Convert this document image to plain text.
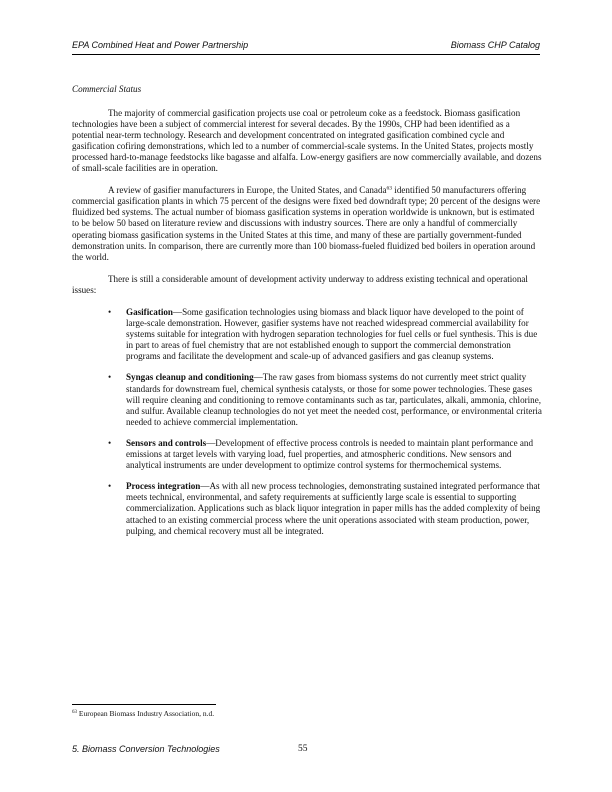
EPA Combined Heat and Power Partnership	Biomass CHP Catalog
Commercial Status

The majority of commercial gasification projects use coal or petroleum coke as a feedstock. Biomass gasification technologies have been a subject of commercial interest for several decades. By the 1990s, CHP had been identified as a potential near-term technology. Research and development concentrated on integrated gasification combined cycle and gasification cofiring demonstrations, which led to a number of commercial-scale systems. In the United States, projects mostly processed hard-to-manage feedstocks like bagasse and alfalfa. Low-energy gasifiers are now commercially available, and dozens of small-scale facilities are in operation.

A review of gasifier manufacturers in Europe, the United States, and Canada$^{63}$ identified 50 manufacturers offering commercial gasification plants in which 75 percent of the designs were fixed bed downdraft type; 20 percent of the designs were fluidized bed systems. The actual number of biomass gasification systems in operation worldwide is unknown, but is estimated to be below 50 based on literature review and discussions with industry sources. There are only a handful of commercially operating biomass gasification systems in the United States at this time, and many of these are partially government-funded demonstration units. In comparison, there are currently more than 100 biomass-fueled fluidized bed boilers in operation around the world.

There is still a considerable amount of development activity underway to address existing technical and operational issues:

• Gasification—Some gasification technologies using biomass and black liquor have developed to the point of large-scale demonstration. However, gasifier systems have not reached widespread commercial availability for systems suitable for integration with hydrogen separation technologies for fuel cells or fuel synthesis. This is due in part to areas of fuel chemistry that are not established enough to support the commercial demonstration programs and facilitate the development and scale-up of advanced gasifiers and gas cleanup systems.
• Syngas cleanup and conditioning—The raw gases from biomass systems do not currently meet strict quality standards for downstream fuel, chemical synthesis catalysts, or those for some power technologies. These gases will require cleaning and conditioning to remove contaminants such as tar, particulates, alkali, ammonia, chlorine, and sulfur. Available cleanup technologies do not yet meet the needed cost, performance, or environmental criteria needed to achieve commercial implementation.
• Sensors and controls—Development of effective process controls is needed to maintain plant performance and emissions at target levels with varying load, fuel properties, and atmospheric conditions. New sensors and analytical instruments are under development to optimize control systems for thermochemical systems.
• Process integration—As with all new process technologies, demonstrating sustained integrated performance that meets technical, environmental, and safety requirements at sufficiently large scale is essential to supporting commercialization. Applications such as black liquor integration in paper mills has the added complexity of being attached to an existing commercial process where the unit operations associated with steam production, power, pulping, and chemical recovery must all be integrated.
$^{63}$ European Biomass Industry Association, n.d.
5. Biomass Conversion Technologies	55
